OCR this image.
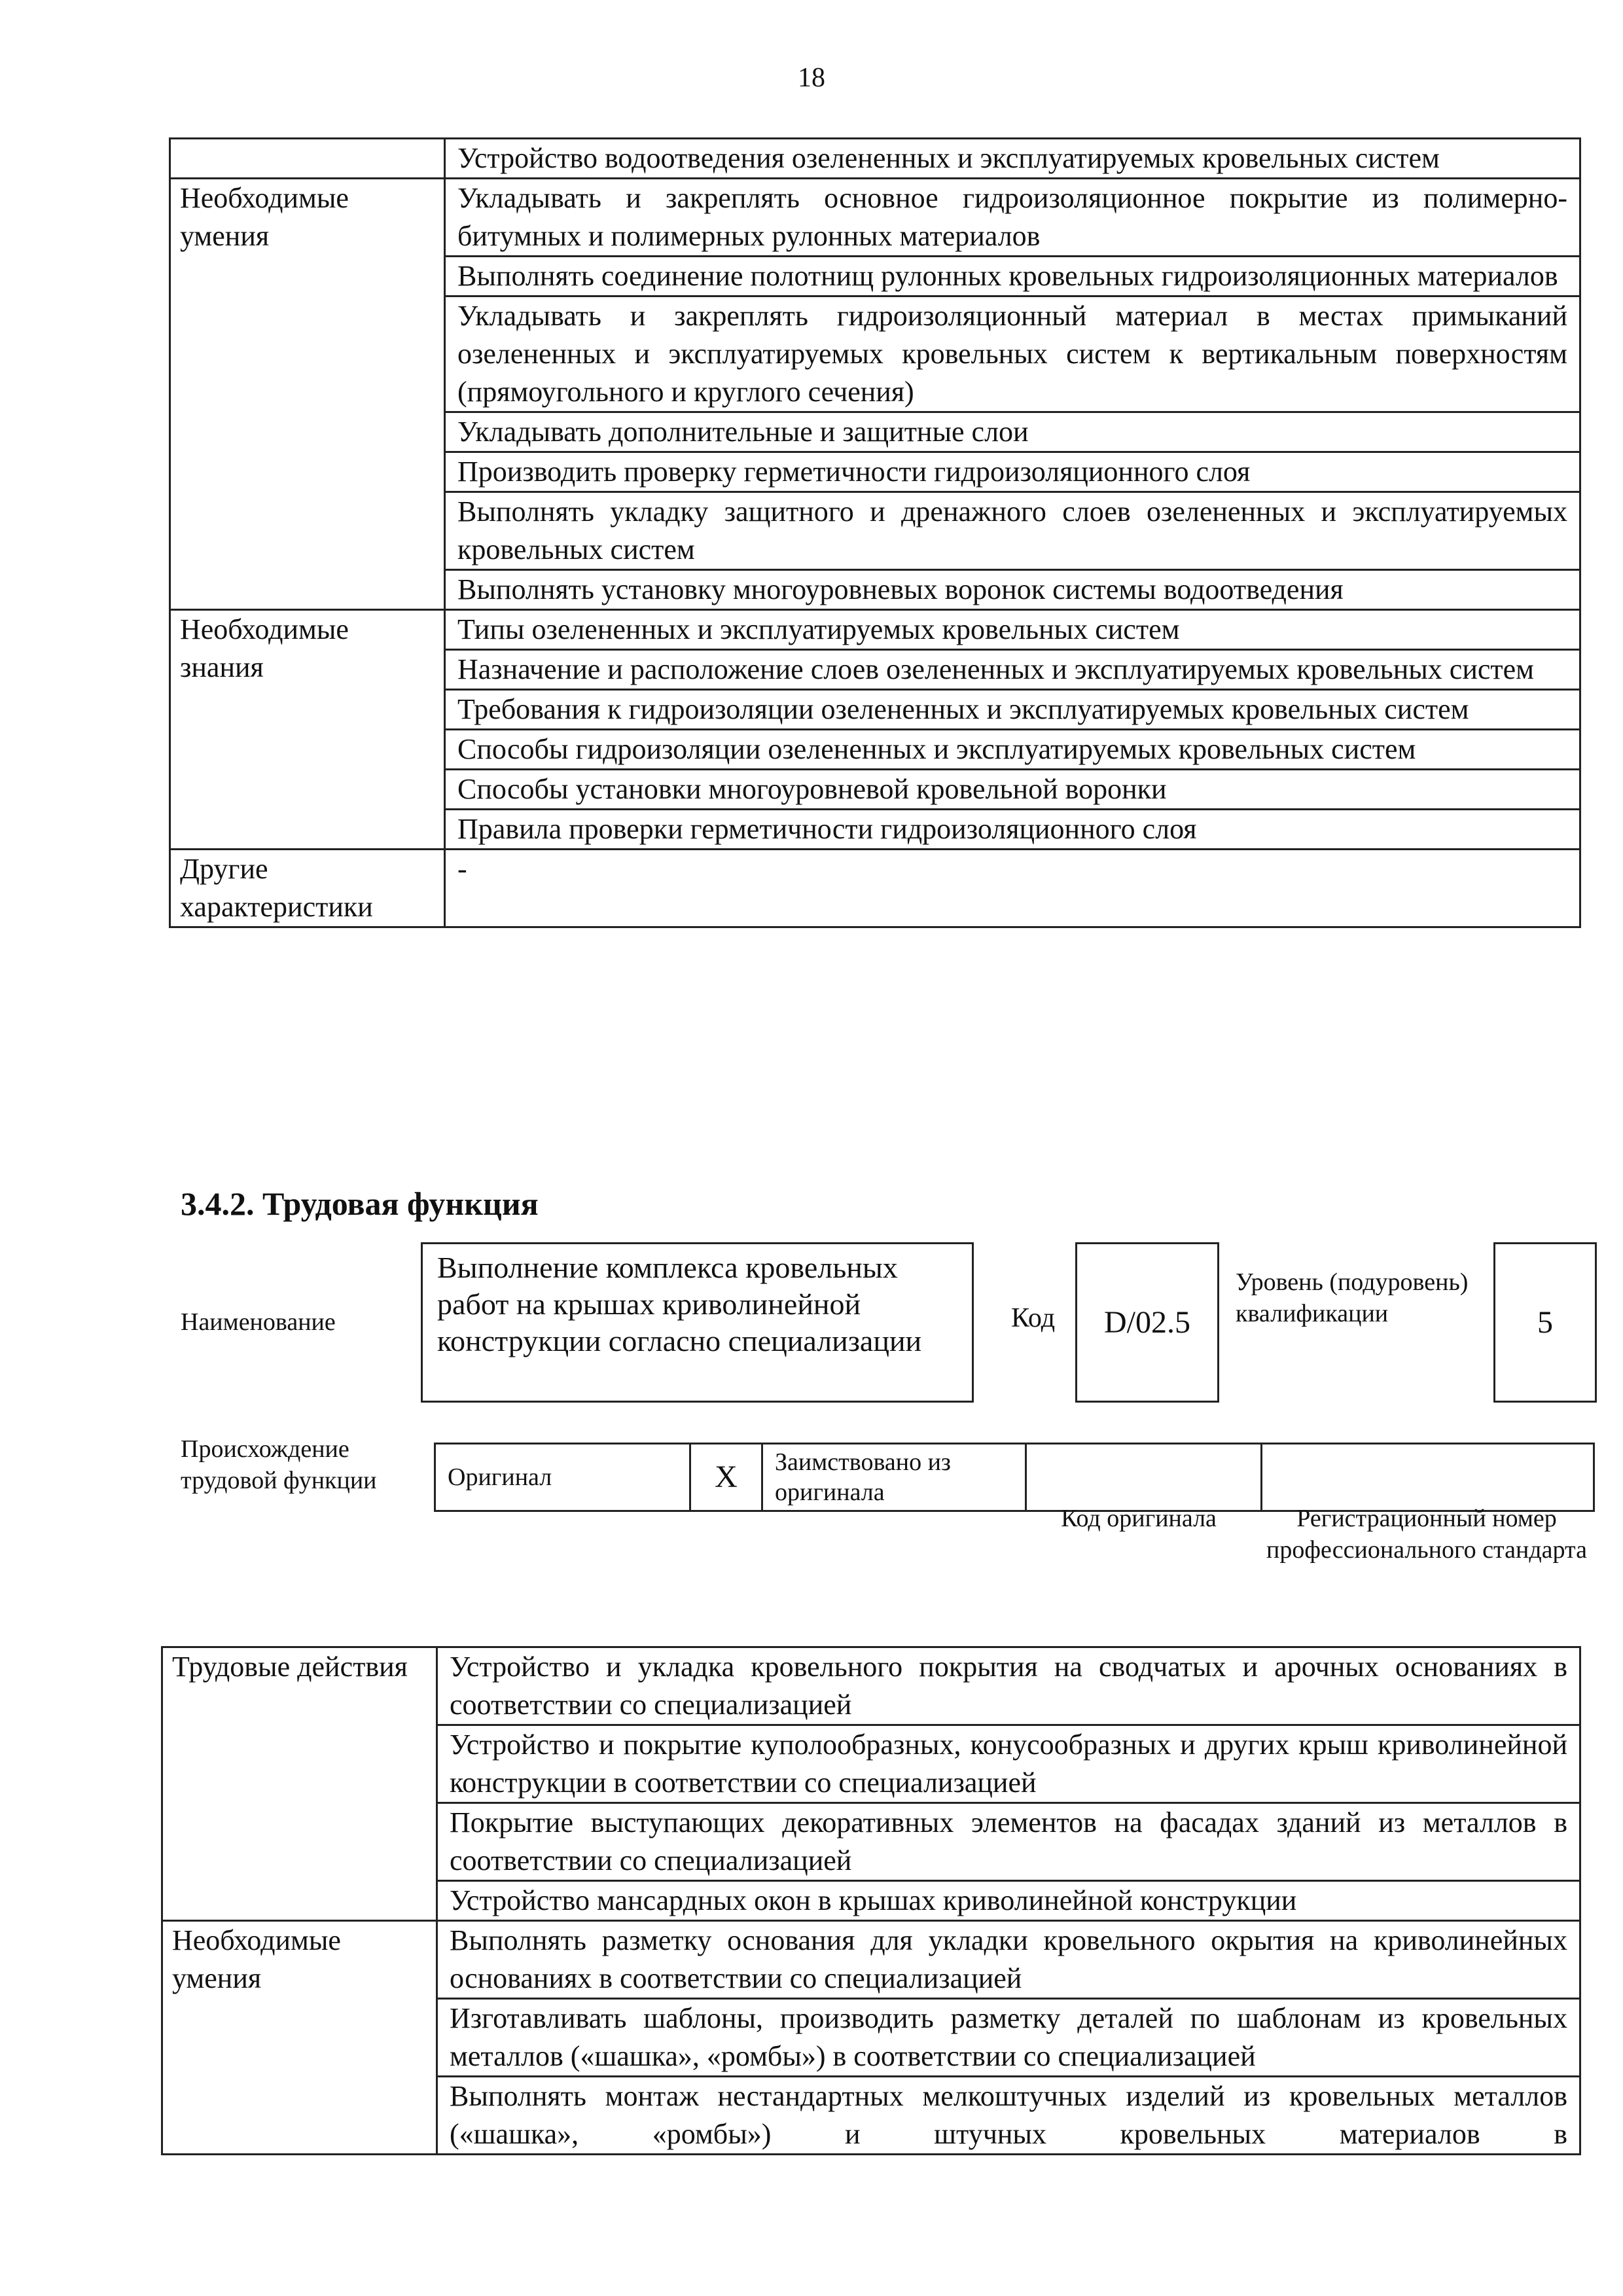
18
	Устройство водоотведения озелененных и эксплуатируемых кровельных систем
Необходимые умения	Укладывать и закреплять основное гидроизоляционное покрытие из полимерно-битумных и полимерных рулонных материалов
	Выполнять соединение полотнищ рулонных кровельных гидроизоляционных материалов
	Укладывать и закреплять гидроизоляционный материал в местах примыканий озелененных и эксплуатируемых кровельных систем к вертикальным поверхностям (прямоугольного и круглого сечения)
	Укладывать дополнительные и защитные слои
	Производить проверку герметичности гидроизоляционного слоя
	Выполнять укладку защитного и дренажного слоев озелененных и эксплуатируемых кровельных систем
	Выполнять установку многоуровневых воронок системы водоотведения
Необходимые знания	Типы озелененных и эксплуатируемых кровельных систем
	Назначение и расположение слоев озелененных и эксплуатируемых кровельных систем
	Требования к гидроизоляции озелененных и эксплуатируемых кровельных систем
	Способы гидроизоляции озелененных и эксплуатируемых кровельных систем
	Способы установки многоуровневой кровельной воронки
	Правила проверки герметичности гидроизоляционного слоя
Другие характеристики	-
3.4.2. Трудовая функция
Наименование
Выполнение комплекса кровельных работ на крышах криволинейной конструкции согласно специализации
Код	D/02.5
Уровень (подуровень) квалификации	5
Происхождение трудовой функции	Оригинал	X	Заимствовано из оригинала		
Код оригинала	Регистрационный номер профессионального стандарта
Трудовые действия	Устройство и укладка кровельного покрытия на сводчатых и арочных основаниях в соответствии со специализацией
	Устройство и покрытие куполообразных, конусообразных и других крыш криволинейной конструкции в соответствии со специализацией
	Покрытие выступающих декоративных элементов на фасадах зданий из металлов в соответствии со специализацией
	Устройство мансардных окон в крышах криволинейной конструкции
Необходимые умения	Выполнять разметку основания для укладки кровельного окрытия на криволинейных основаниях в соответствии со специализацией
	Изготавливать шаблоны, производить разметку деталей по шаблонам из кровельных металлов («шашка», «ромбы») в соответствии со специализацией
	Выполнять монтаж нестандартных мелкоштучных изделий из кровельных металлов («шашка», «ромбы») и штучных кровельных материалов в
